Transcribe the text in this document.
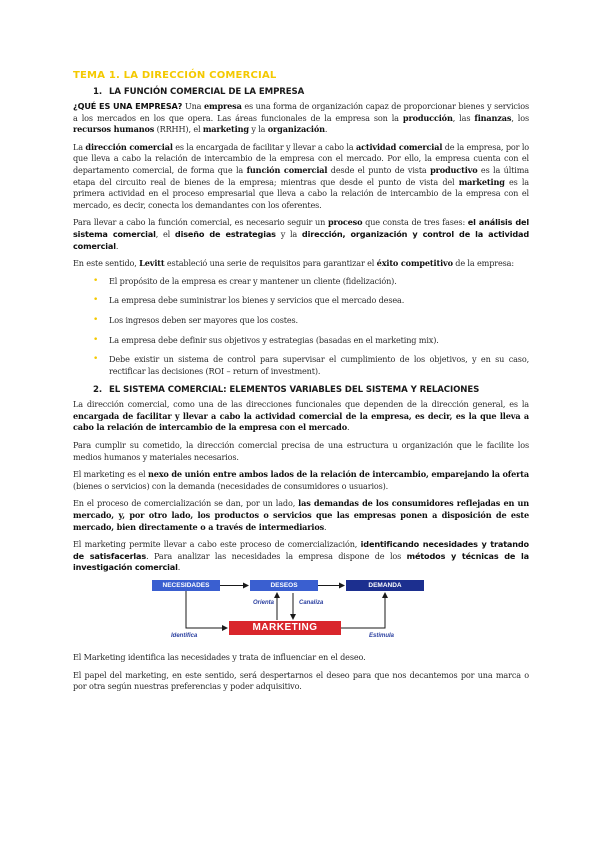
TEMA 1. LA DIRECCIÓN COMERCIAL
1. LA FUNCIÓN COMERCIAL DE LA EMPRESA

¿QUÉ ES UNA EMPRESA? Una empresa es una forma de organización capaz de proporcionar bienes y servicios a los mercados en los que opera. Las áreas funcionales de la empresa son la producción, las finanzas, los recursos humanos (RRHH), el marketing y la organización.

La dirección comercial es la encargada de facilitar y llevar a cabo la actividad comercial de la empresa, por lo que lleva a cabo la relación de intercambio de la empresa con el mercado. Por ello, la empresa cuenta con el departamento comercial, de forma que la función comercial desde el punto de vista productivo es la última etapa del circuito real de bienes de la empresa; mientras que desde el punto de vista del marketing es la primera actividad en el proceso empresarial que lleva a cabo la relación de intercambio de la empresa con el mercado, es decir, conecta los demandantes con los oferentes.

Para llevar a cabo la función comercial, es necesario seguir un proceso que consta de tres fases: el análisis del sistema comercial, el diseño de estrategias y la dirección, organización y control de la actividad comercial.

En este sentido, Levitt estableció una serie de requisitos para garantizar el éxito competitivo de la empresa:

• El propósito de la empresa es crear y mantener un cliente (fidelización).
• La empresa debe suministrar los bienes y servicios que el mercado desea.
• Los ingresos deben ser mayores que los costes.
• La empresa debe definir sus objetivos y estrategias (basadas en el marketing mix).
• Debe existir un sistema de control para supervisar el cumplimiento de los objetivos, y en su caso, rectificar las decisiones (ROI – return of investment).
2. EL SISTEMA COMERCIAL: ELEMENTOS VARIABLES DEL SISTEMA Y RELACIONES

La dirección comercial, como una de las direcciones funcionales que dependen de la dirección general, es la encargada de facilitar y llevar a cabo la actividad comercial de la empresa, es decir, es la que lleva a cabo la relación de intercambio de la empresa con el mercado.

Para cumplir su cometido, la dirección comercial precisa de una estructura u organización que le facilite los medios humanos y materiales necesarios.

El marketing es el nexo de unión entre ambos lados de la relación de intercambio, emparejando la oferta (bienes o servicios) con la demanda (necesidades de consumidores o usuarios).

En el proceso de comercialización se dan, por un lado, las demandas de los consumidores reflejadas en un mercado, y, por otro lado, los productos o servicios que las empresas ponen a disposición de este mercado, bien directamente o a través de intermediarios.

El marketing permite llevar a cabo este proceso de comercialización, identificando necesidades y tratando de satisfacerlas. Para analizar las necesidades la empresa dispone de los métodos y técnicas de la investigación comercial.

NECESIDADES	DESEOS	DEMANDA
MARKETING
Orienta	Canaliza
Identifica	Estimula

El Marketing identifica las necesidades y trata de influenciar en el deseo.

El papel del marketing, en este sentido, será despertarnos el deseo para que nos decantemos por una marca o por otra según nuestras preferencias y poder adquisitivo.
